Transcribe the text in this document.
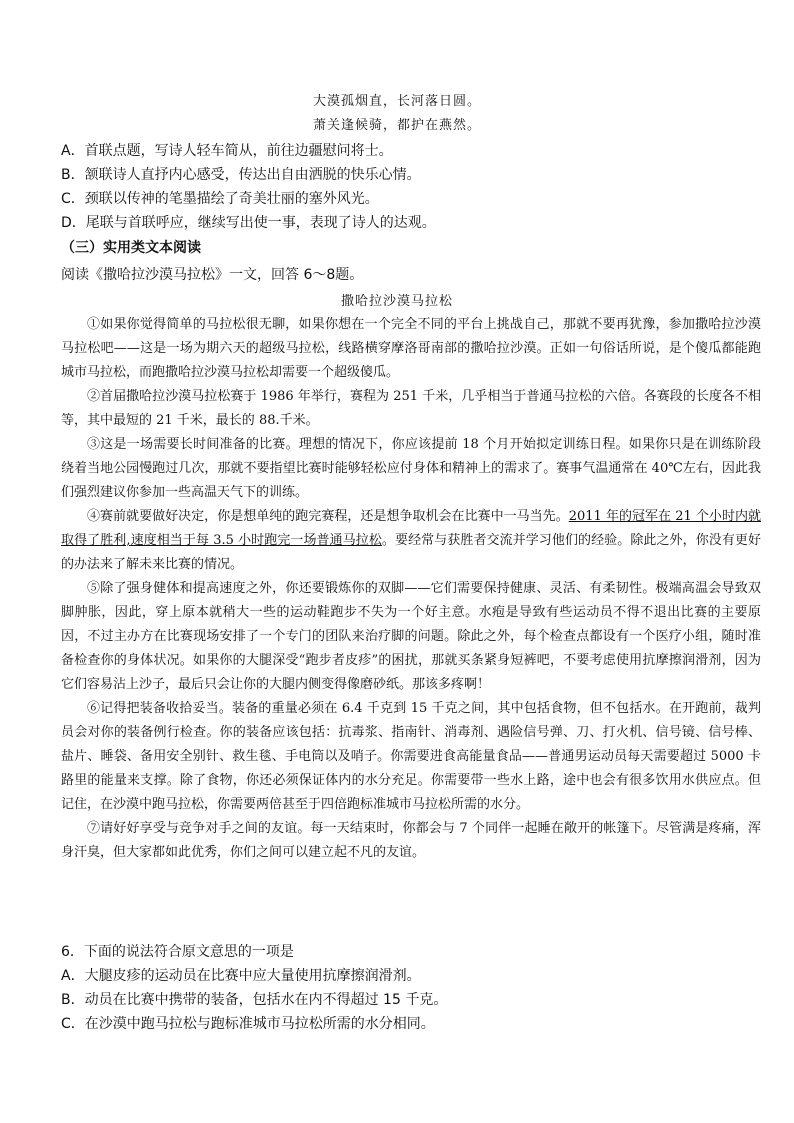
大漠孤烟直，长河落日圆。
萧关逢候骑，都护在燕然。
A．首联点题，写诗人轻车简从，前往边疆慰问将士。
B．颔联诗人直抒内心感受，传达出自由洒脱的快乐心情。
C．颈联以传神的笔墨描绘了奇美壮丽的塞外风光。
D．尾联与首联呼应，继续写出使一事，表现了诗人的达观。
（三）实用类文本阅读
阅读《撒哈拉沙漠马拉松》一文，回答 6～8题。
撒哈拉沙漠马拉松

①如果你觉得简单的马拉松很无聊，如果你想在一个完全不同的平台上挑战自己，那就不要再犹豫，参加撒哈拉沙漠马拉松吧——这是一场为期六天的超级马拉松，线路横穿摩洛哥南部的撒哈拉沙漠。正如一句俗话所说，是个傻瓜都能跑城市马拉松，而跑撒哈拉沙漠马拉松却需要一个超级傻瓜。

②首届撒哈拉沙漠马拉松赛于 1986 年举行，赛程为 251 千米，几乎相当于普通马拉松的六倍。各赛段的长度各不相等，其中最短的 21 千米，最长的 88.千米。

③这是一场需要长时间准备的比赛。理想的情况下，你应该提前 18 个月开始拟定训练日程。如果你只是在训练阶段绕着当地公园慢跑过几次，那就不要指望比赛时能够轻松应付身体和精神上的需求了。赛事气温通常在 40℃左右，因此我们强烈建议你参加一些高温天气下的训练。

④赛前就要做好决定，你是想单纯的跑完赛程，还是想争取机会在比赛中一马当先。2011 年的冠军在 21 个小时内就取得了胜利,速度相当于每 3.5 小时跑完一场普通马拉松。要经常与获胜者交流并学习他们的经验。除此之外，你没有更好的办法来了解未来比赛的情况。

⑤除了强身健体和提高速度之外，你还要锻炼你的双脚——它们需要保持健康、灵活、有柔韧性。极端高温会导致双脚肿胀，因此，穿上原本就稍大一些的运动鞋跑步不失为一个好主意。水疱是导致有些运动员不得不退出比赛的主要原因，不过主办方在比赛现场安排了一个专门的团队来治疗脚的问题。除此之外，每个检查点都设有一个医疗小组，随时准备检查你的身体状况。如果你的大腿深受“跑步者皮疹”的困扰，那就买条紧身短裤吧，不要考虑使用抗摩擦润滑剂，因为它们容易沾上沙子，最后只会让你的大腿内侧变得像磨砂纸。那该多疼啊！

⑥记得把装备收拾妥当。装备的重量必须在 6.4 千克到 15 千克之间，其中包括食物，但不包括水。在开跑前，裁判员会对你的装备例行检查。你的装备应该包括：抗毒浆、指南针、消毒剂、遇险信号弹、刀、打火机、信号镜、信号棒、盐片、睡袋、备用安全别针、救生毯、手电筒以及哨子。你需要进食高能量食品——普通男运动员每天需要超过 5000 卡路里的能量来支撑。除了食物，你还必须保证体内的水分充足。你需要带一些水上路，途中也会有很多饮用水供应点。但记住，在沙漠中跑马拉松，你需要两倍甚至于四倍跑标准城市马拉松所需的水分。

⑦请好好享受与竞争对手之间的友谊。每一天结束时，你都会与 7 个同伴一起睡在敞开的帐篷下。尽管满是疼痛，浑身汗臭，但大家都如此优秀，你们之间可以建立起不凡的友谊。

6．下面的说法符合原文意思的一项是
A．大腿皮疹的运动员在比赛中应大量使用抗摩擦润滑剂。
B．动员在比赛中携带的装备，包括水在内不得超过 15 千克。
C．在沙漠中跑马拉松与跑标准城市马拉松所需的水分相同。
